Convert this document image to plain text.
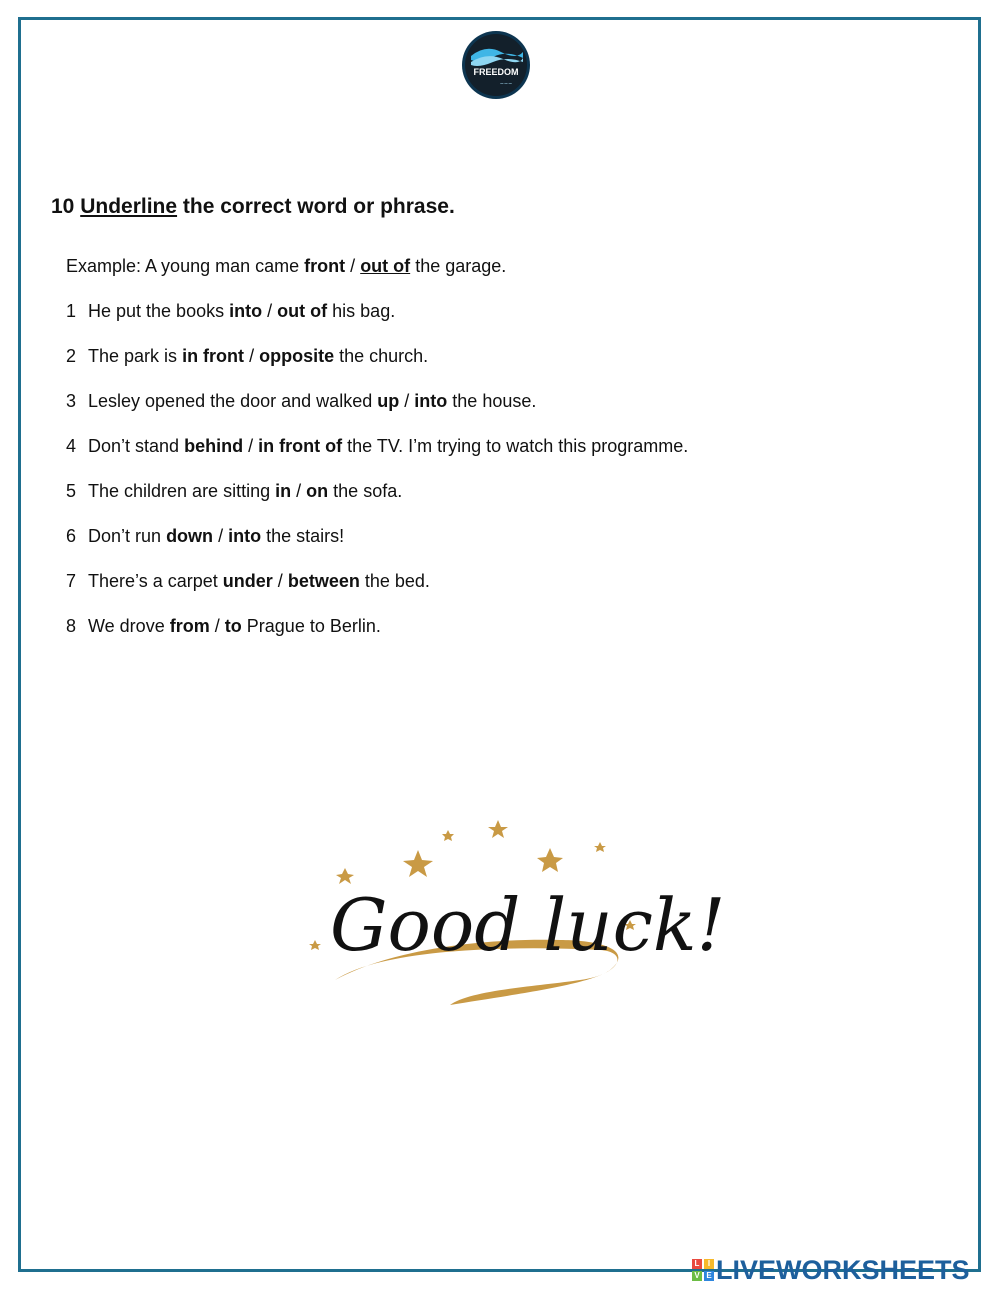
FREEDOM
~~~
10 Underline the correct word or phrase.
Example: A young man came front / out of the garage.
1 He put the books into / out of his bag.
2 The park is in front / opposite the church.
3 Lesley opened the door and walked up / into the house.
4 Don’t stand behind / in front of the TV. I’m trying to watch this programme.
5 The children are sitting in / on the sofa.
6 Don’t run down / into the stairs!
7 There’s a carpet under / between the bed.
8 We drove from / to Prague to Berlin.
Good luck!
L	I
V E LIVEWORKSHEETS
